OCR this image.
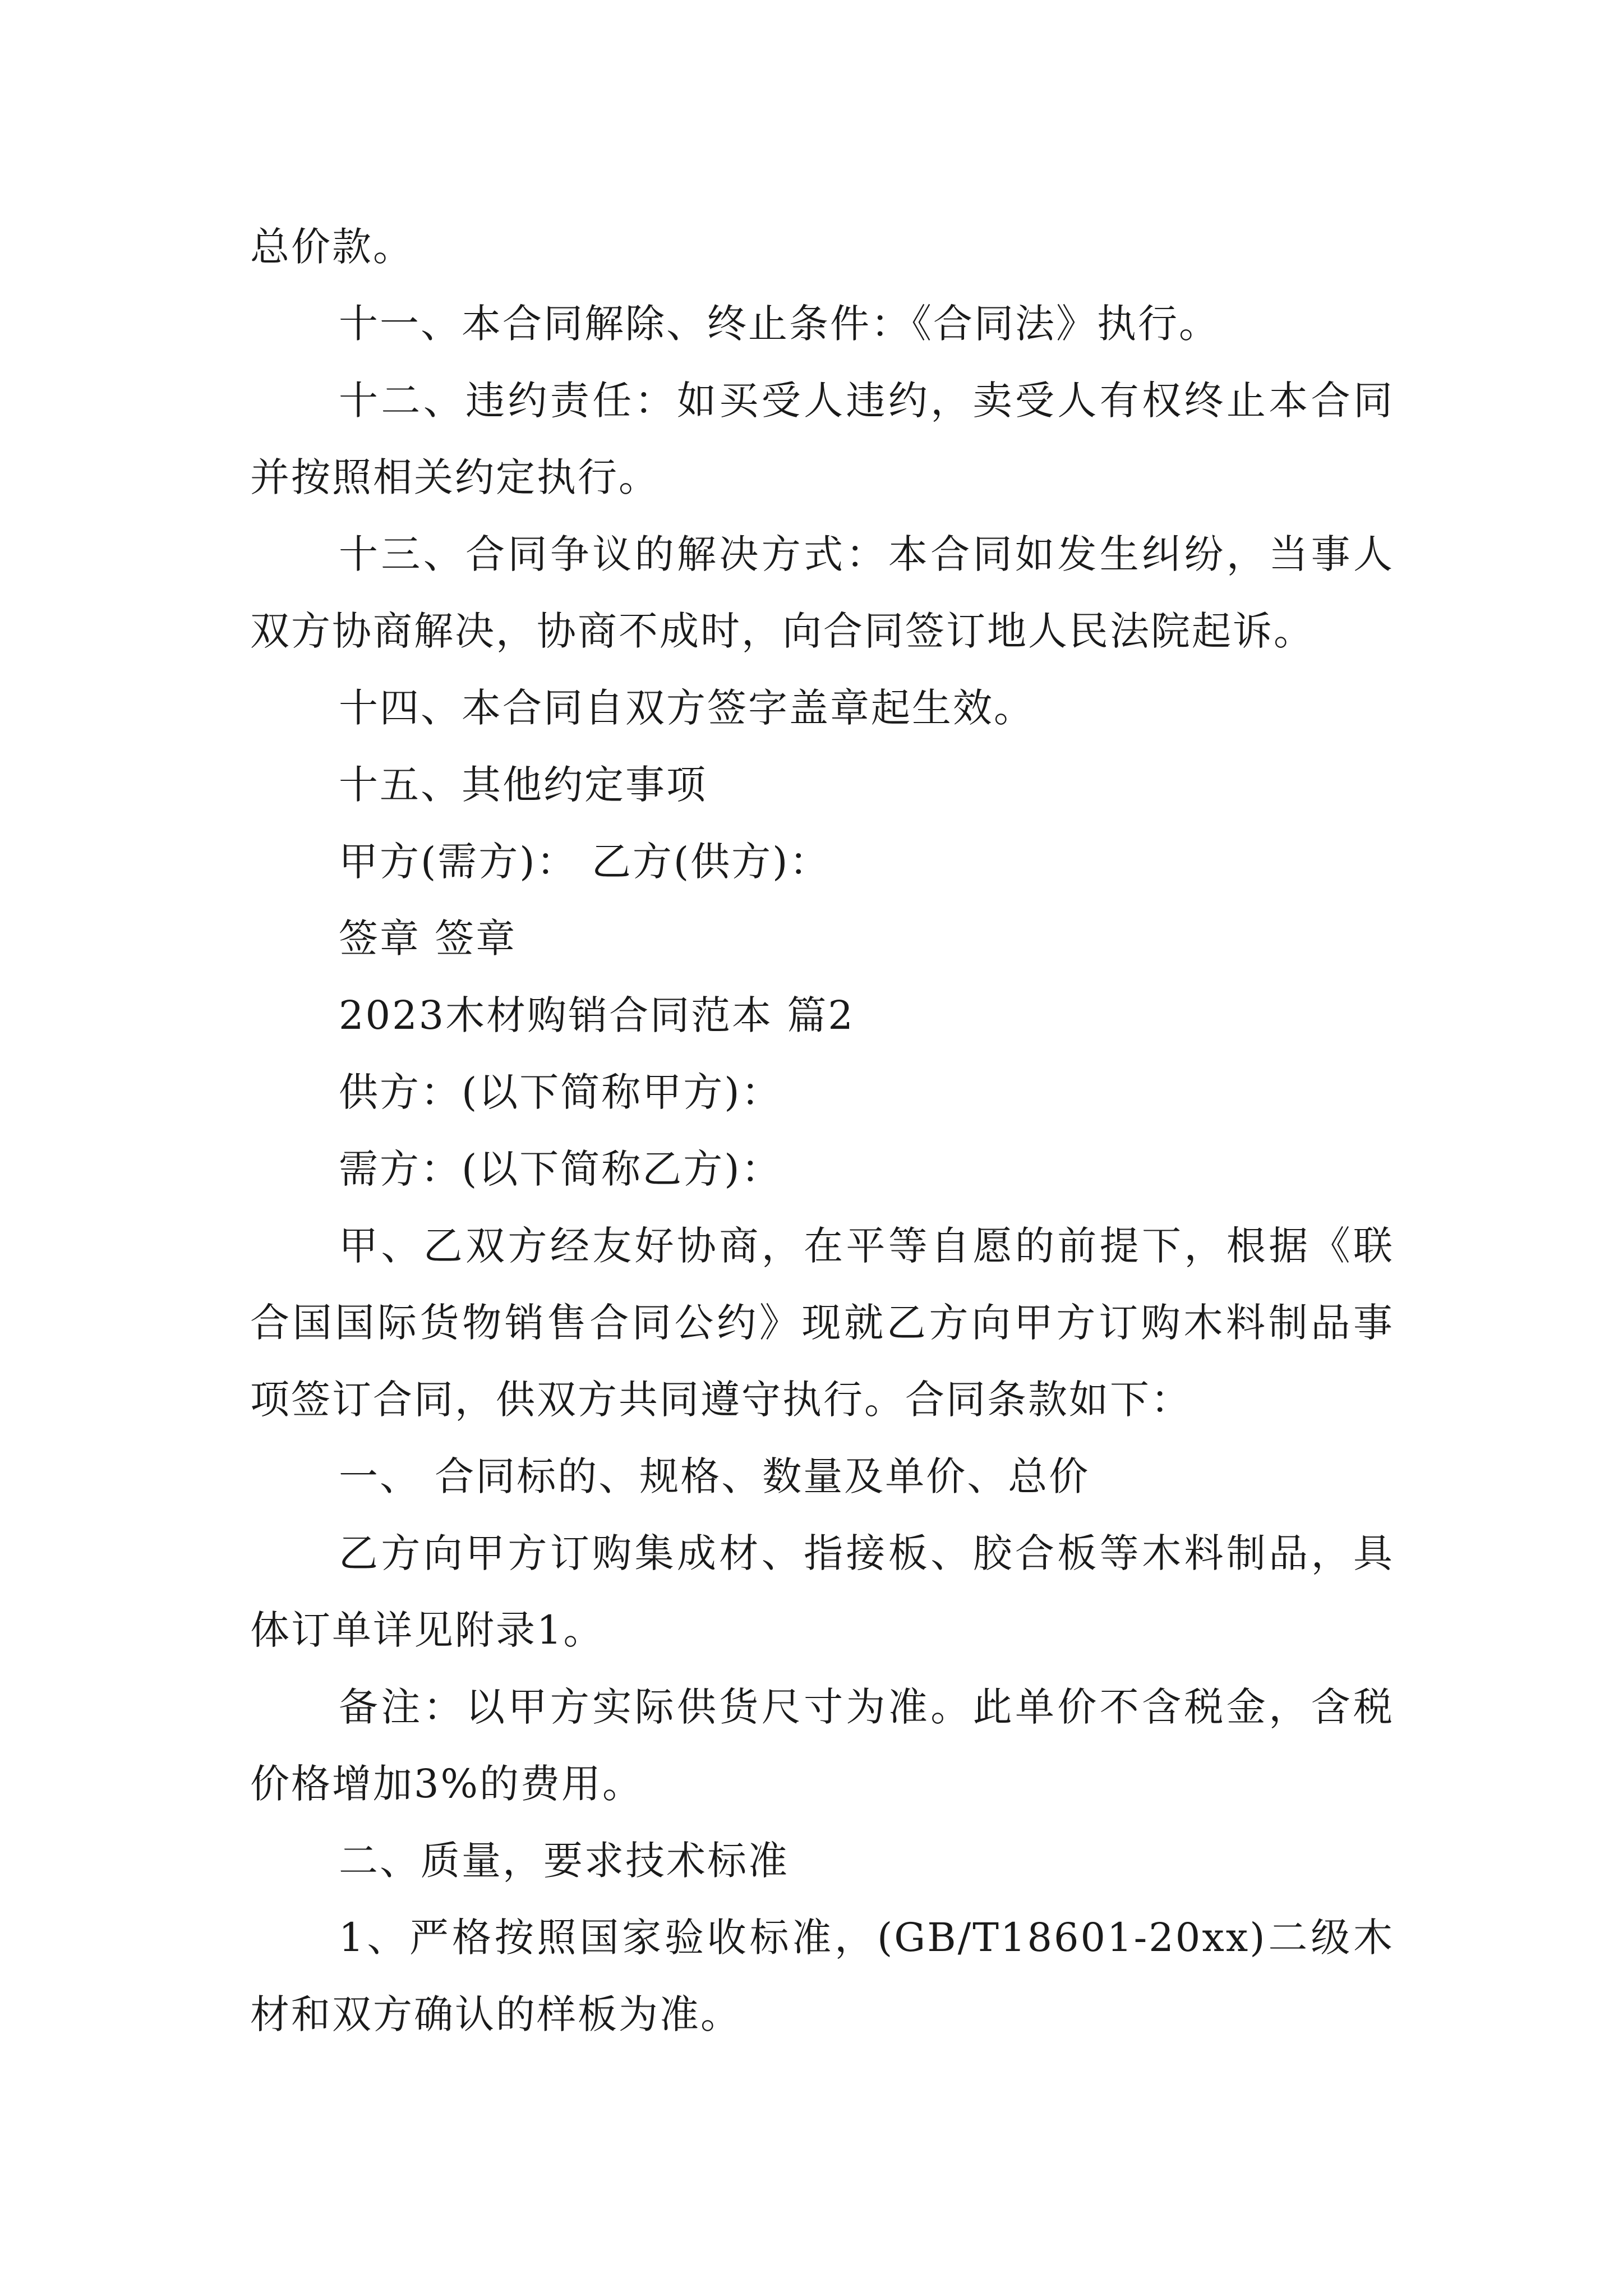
总价款。

十一、本合同解除、终止条件：《合同法》执行。

十二、违约责任：如买受人违约，卖受人有权终止本合同并按照相关约定执行。

十三、合同争议的解决方式：本合同如发生纠纷，当事人双方协商解决，协商不成时，向合同签订地人民法院起诉。

十四、本合同自双方签字盖章起生效。

十五、其他约定事项

甲方(需方)： 乙方(供方)：

签章 签章

2023木材购销合同范本 篇2

供方：(以下简称甲方)：

需方：(以下简称乙方)：

甲、乙双方经友好协商，在平等自愿的前提下，根据《联合国国际货物销售合同公约》现就乙方向甲方订购木料制品事项签订合同，供双方共同遵守执行。合同条款如下：

一、 合同标的、规格、数量及单价、总价

乙方向甲方订购集成材、指接板、胶合板等木料制品，具体订单详见附录1。

备注：以甲方实际供货尺寸为准。此单价不含税金，含税价格增加3%的费用。

二、质量，要求技术标准

1、严格按照国家验收标准，(GB/T18601-20xx)二级木材和双方确认的样板为准。
